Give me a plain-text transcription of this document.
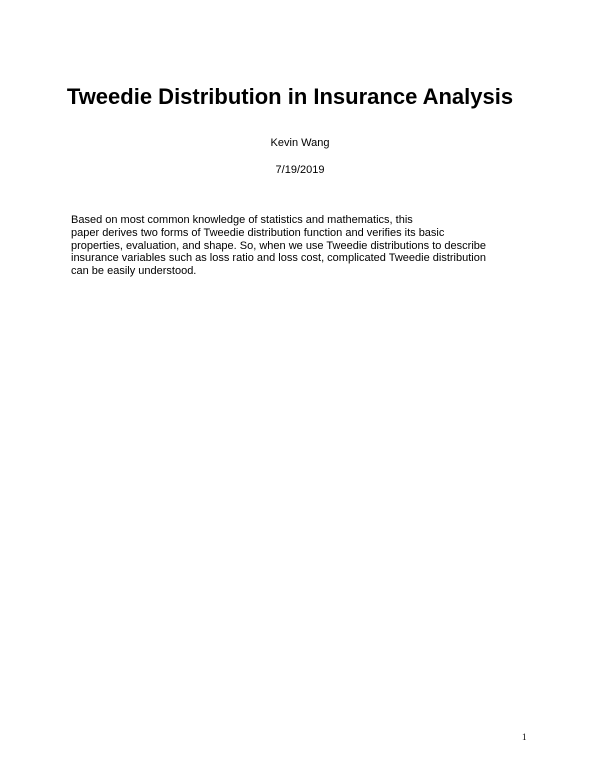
Tweedie Distribution in Insurance Analysis
Kevin Wang
7/19/2019
Based on most common knowledge of statistics and mathematics, this
paper derives two forms of Tweedie distribution function and verifies its basic
properties, evaluation, and shape. So, when we use Tweedie distributions to describe
insurance variables such as loss ratio and loss cost, complicated Tweedie distribution
can be easily understood.
1
